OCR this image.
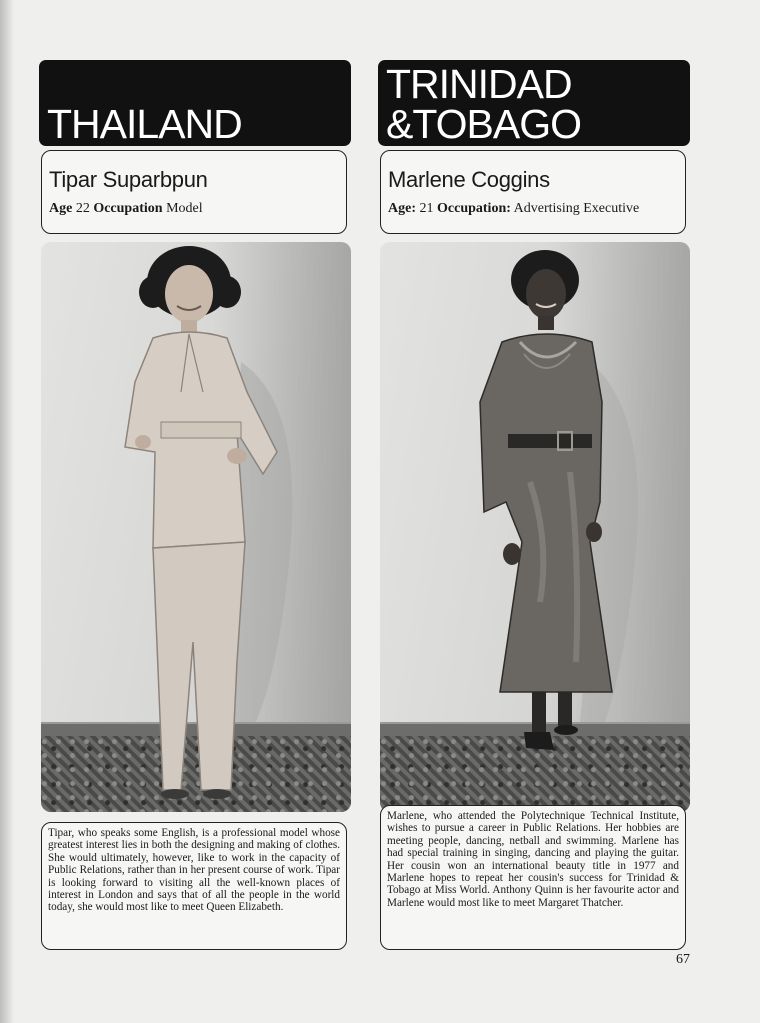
THAILAND
Tipar Suparbpun
Age 22 Occupation Model
Tipar, who speaks some English, is a professional model whose greatest interest lies in both the designing and making of clothes. She would ultimately, however, like to work in the capacity of Public Relations, rather than in her present course of work. Tipar is looking forward to visiting all the well-known places of interest in London and says that of all the people in the world today, she would most like to meet Queen Elizabeth.
TRINIDAD
&TOBAGO
Marlene Coggins
Age: 21 Occupation: Advertising Executive
Marlene, who attended the Polytechnique Technical Institute, wishes to pursue a career in Public Relations. Her hobbies are meeting people, dancing, netball and swimming. Marlene has had special training in singing, dancing and playing the guitar. Her cousin won an international beauty title in 1977 and Marlene hopes to repeat her cousin's success for Trinidad & Tobago at Miss World. Anthony Quinn is her favourite actor and Marlene would most like to meet Margaret Thatcher.
67
